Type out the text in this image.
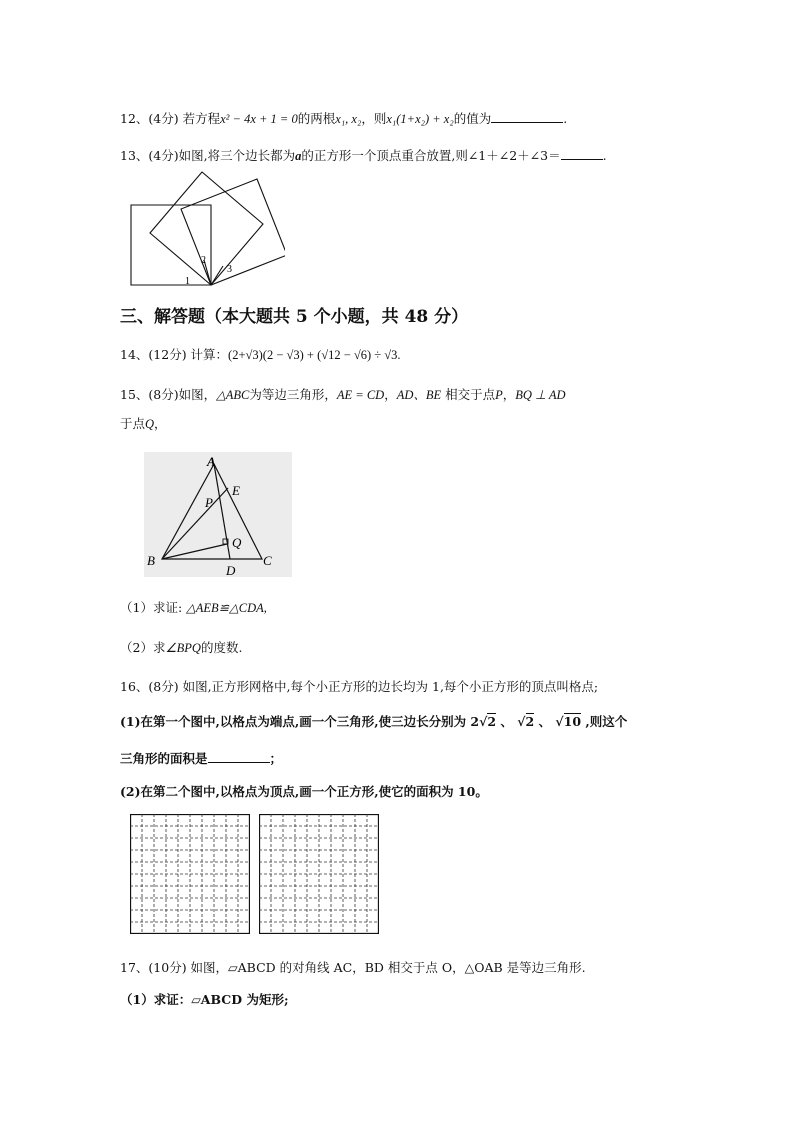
12、(4分) 若方程x² − 4x + 1 = 0的两根x₁, x₂，则x₁(1+x₂) + x₂的值为	.
13、(4分)如图,将三个边长都为a的正方形一个顶点重合放置,则∠1＋∠2＋∠3＝	.
1
2
3
三、解答题（本大题共 5 个小题，共 48 分）
14、(12分) 计算：(2+√3)(2 − √3) + (√12 − √6) ÷ √3.
15、(8分)如图，△ABC为等边三角形，AE = CD，AD、BE 相交于点P，BQ ⊥ AD
于点Q，
A
B	C
D
E
P
Q
（1）求证: △AEB≌△CDA,
（2）求∠BPQ的度数.
16、(8分) 如图,正方形网格中,每个小正方形的边长均为 1,每个小正方形的顶点叫格点;
(1)在第一个图中,以格点为端点,画一个三角形,使三边长分别为 2√2 、 √2 、 √10 ,则这个
三角形的面积是	；
(2)在第二个图中,以格点为顶点,画一个正方形,使它的面积为 10。
17、(10分) 如图，▱ABCD 的对角线 AC，BD 相交于点 O，△OAB 是等边三角形.
（1）求证：▱ABCD 为矩形;
